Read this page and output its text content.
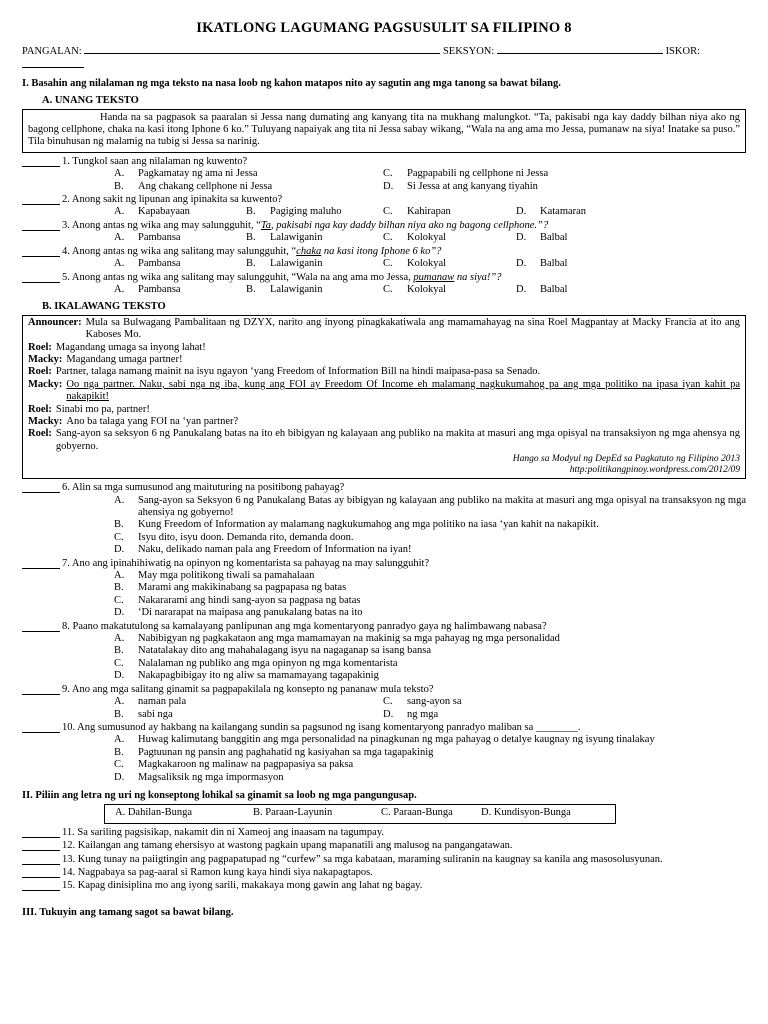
IKATLONG LAGUMANG PAGSUSULIT SA FILIPINO 8
PANGALAN:	SEKSYON:	ISKOR:

I. Basahin ang nilalaman ng mga teksto na nasa loob ng kahon matapos nito ay sagutin ang mga tanong sa bawat bilang.
A. UNANG TEKSTO

Handa na sa pagpasok sa paaralan si Jessa nang dumating ang kanyang tita na mukhang malungkot. “Ta, pakisabi nga kay daddy bilhan niya ako ng bagong cellphone, chaka na kasi itong Iphone 6 ko.” Tuluyang napaiyak ang tita ni Jessa sabay wikang, “Wala na ang ama mo Jessa, pumanaw na siya! Inatake sa puso.” Tila binuhusan ng malamig na tubig si Jessa sa narinig.

1. Tungkol saan ang nilalaman ng kuwento?
A.	Pagkamatay ng ama ni Jessa	C.	Pagpapabili ng cellphone ni Jessa
B.	Ang chakang cellphone ni Jessa	D.	Si Jessa at ang kanyang tiyahin
2. Anong sakit ng lipunan ang ipinakita sa kuwento?
A.	Kapabayaan	B.	Pagiging maluho	C.	Kahirapan	D.	Katamaran
3. Anong antas ng wika ang may salungguhit, “Ta, pakisabi nga kay daddy bilhan niya ako ng bagong cellphone.”?
A.	Pambansa	B.	Lalawiganin	C.	Kolokyal	D.	Balbal
4. Anong antas ng wika ang salitang may salungguhit, “chaka na kasi itong Iphone 6 ko”?
A.	Pambansa	B.	Lalawiganin	C.	Kolokyal	D.	Balbal
5. Anong antas ng wika ang salitang may salungguhit, “Wala na ang ama mo Jessa, pumanaw na siya!”?
A.	Pambansa	B.	Lalawiganin	C.	Kolokyal	D.	Balbal
B. IKALAWANG TEKSTO
Announcer: Mula sa Bulwagang Pambalitaan ng DZYX, narito ang inyong pinagkakatiwala ang mamamahayag na sina Roel Magpantay at Macky Francia at ito ang Kaboses Mo.
Roel: Magandang umaga sa inyong lahat!
Macky: Magandang umaga partner!
Roel: Partner, talaga namang mainit na isyu ngayon ‘yang Freedom of Information Bill na hindi maipasa-pasa sa Senado.
Macky: Oo nga partner. Naku, sabi nga ng iba, kung ang FOI ay Freedom Of Income eh malamang nagkukumahog pa ang mga politiko na ipasa iyan kahit pa nakapikit!
Roel: Sinabi mo pa, partner!
Macky: Ano ba talaga yang FOI na ‘yan partner?
Roel: Sang-ayon sa seksyon 6 ng Panukalang batas na ito eh bibigyan ng kalayaan ang publiko na makita at masuri ang mga opisyal na transaksiyon ng mga ahensya ng gobyerno.
Hango sa Modyul ng DepEd sa Pagkatuto ng Filipino 2013
http:politikangpinoy.wordpress.com/2012/09
6. Alin sa mga sumusunod ang maituturing na positibong pahayag?
A.	Sang-ayon sa Seksyon 6 ng Panukalang Batas ay bibigyan ng kalayaan ang publiko na makita at masuri ang mga opisyal na transaksyon ng mga ahensiya ng gobyerno!
B.	Kung Freedom of Information ay malamang nagkukumahog ang mga politiko na iasa ‘yan kahit na nakapikit.
C.	Isyu dito, isyu doon. Demanda rito, demanda doon.
D.	Naku, delikado naman pala ang Freedom of Information na iyan!
7. Ano ang ipinahihiwatig na opinyon ng komentarista sa pahayag na may salungguhit?
A.	May mga politikong tiwali sa pamahalaan
B.	Marami ang makikinabang sa pagpapasa ng batas
C.	Nakararami ang hindi sang-ayon sa pagpasa ng batas
D.	‘Di nararapat na maipasa ang panukalang batas na ito
8. Paano makatutulong sa kamalayang panlipunan ang mga komentaryong panradyo gaya ng halimbawang nabasa?
A.	Nabibigyan ng pagkakataon ang mga mamamayan na makinig sa mga pahayag ng mga personalidad
B.	Natatalakay dito ang mahahalagang isyu na nagaganap sa isang bansa
C.	Nalalaman ng publiko ang mga opinyon ng mga komentarista
D.	Nakapagbibigay ito ng aliw sa mamamayang tagapakinig
9. Ano ang mga salitang ginamit sa pagpapakilala ng konsepto ng pananaw mula teksto?
A.	naman pala	C.	sang-ayon sa
B.	sabi nga	D.	ng mga
10. Ang sumusunod ay hakbang na kailangang sundin sa pagsunod ng isang komentaryong panradyo maliban sa ________.
A.	Huwag kalimutang banggitin ang mga personalidad na pinagkunan ng mga pahayag o detalye kaugnay ng isyung tinalakay
B.	Pagtuunan ng pansin ang paghahatid ng kasiyahan sa mga tagapakinig
C.	Magkakaroon ng malinaw na pagpapasiya sa paksa
D.	Magsaliksik ng mga impormasyon
II. Piliin ang letra ng uri ng konseptong lohikal sa ginamit sa loob ng mga pangungusap.
A. Dahilan-Bunga	B. Paraan-Layunin	C. Paraan-Bunga	D. Kundisyon-Bunga
11. Sa sariling pagsisikap, nakamit din ni Xameoj ang inaasam na tagumpay.
12. Kailangan ang tamang ehersisyo at wastong pagkain upang mapanatili ang malusog na pangangatawan.
13. Kung tunay na paiigtingin ang pagpapatupad ng “curfew” sa mga kabataan, maraming suliranin na kaugnay sa kanila ang masosolusyunan.
14. Nagpabaya sa pag-aaral si Ramon kung kaya hindi siya nakapagtapos.
15. Kapag dinisiplina mo ang iyong sarili, makakaya mong gawin ang lahat ng bagay.
III. Tukuyin ang tamang sagot sa bawat bilang.
